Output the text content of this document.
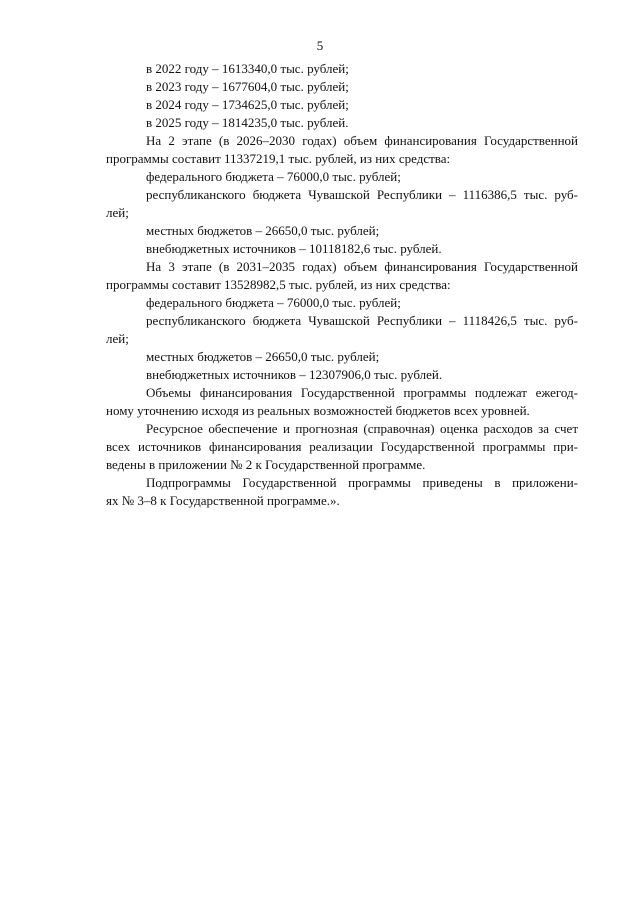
5
в 2022 году – 1613340,0 тыс. рублей;
в 2023 году – 1677604,0 тыс. рублей;
в 2024 году – 1734625,0 тыс. рублей;
в 2025 году – 1814235,0 тыс. рублей.
На 2 этапе (в 2026–2030 годах) объем финансирования Государственной
программы составит 11337219,1 тыс. рублей, из них средства:
федерального бюджета – 76000,0 тыс. рублей;
республиканского бюджета Чувашской Республики – 1116386,5 тыс. руб-
лей;
местных бюджетов – 26650,0 тыс. рублей;
внебюджетных источников – 10118182,6 тыс. рублей.
На 3 этапе (в 2031–2035 годах) объем финансирования Государственной
программы составит 13528982,5 тыс. рублей, из них средства:
федерального бюджета – 76000,0 тыс. рублей;
республиканского бюджета Чувашской Республики – 1118426,5 тыс. руб-
лей;
местных бюджетов – 26650,0 тыс. рублей;
внебюджетных источников – 12307906,0 тыс. рублей.
Объемы финансирования Государственной программы подлежат ежегод-
ному уточнению исходя из реальных возможностей бюджетов всех уровней.
Ресурсное обеспечение и прогнозная (справочная) оценка расходов за счет
всех источников финансирования реализации Государственной программы при-
ведены в приложении № 2 к Государственной программе.
Подпрограммы Государственной программы приведены в приложени-
ях № 3–8 к Государственной программе.».
